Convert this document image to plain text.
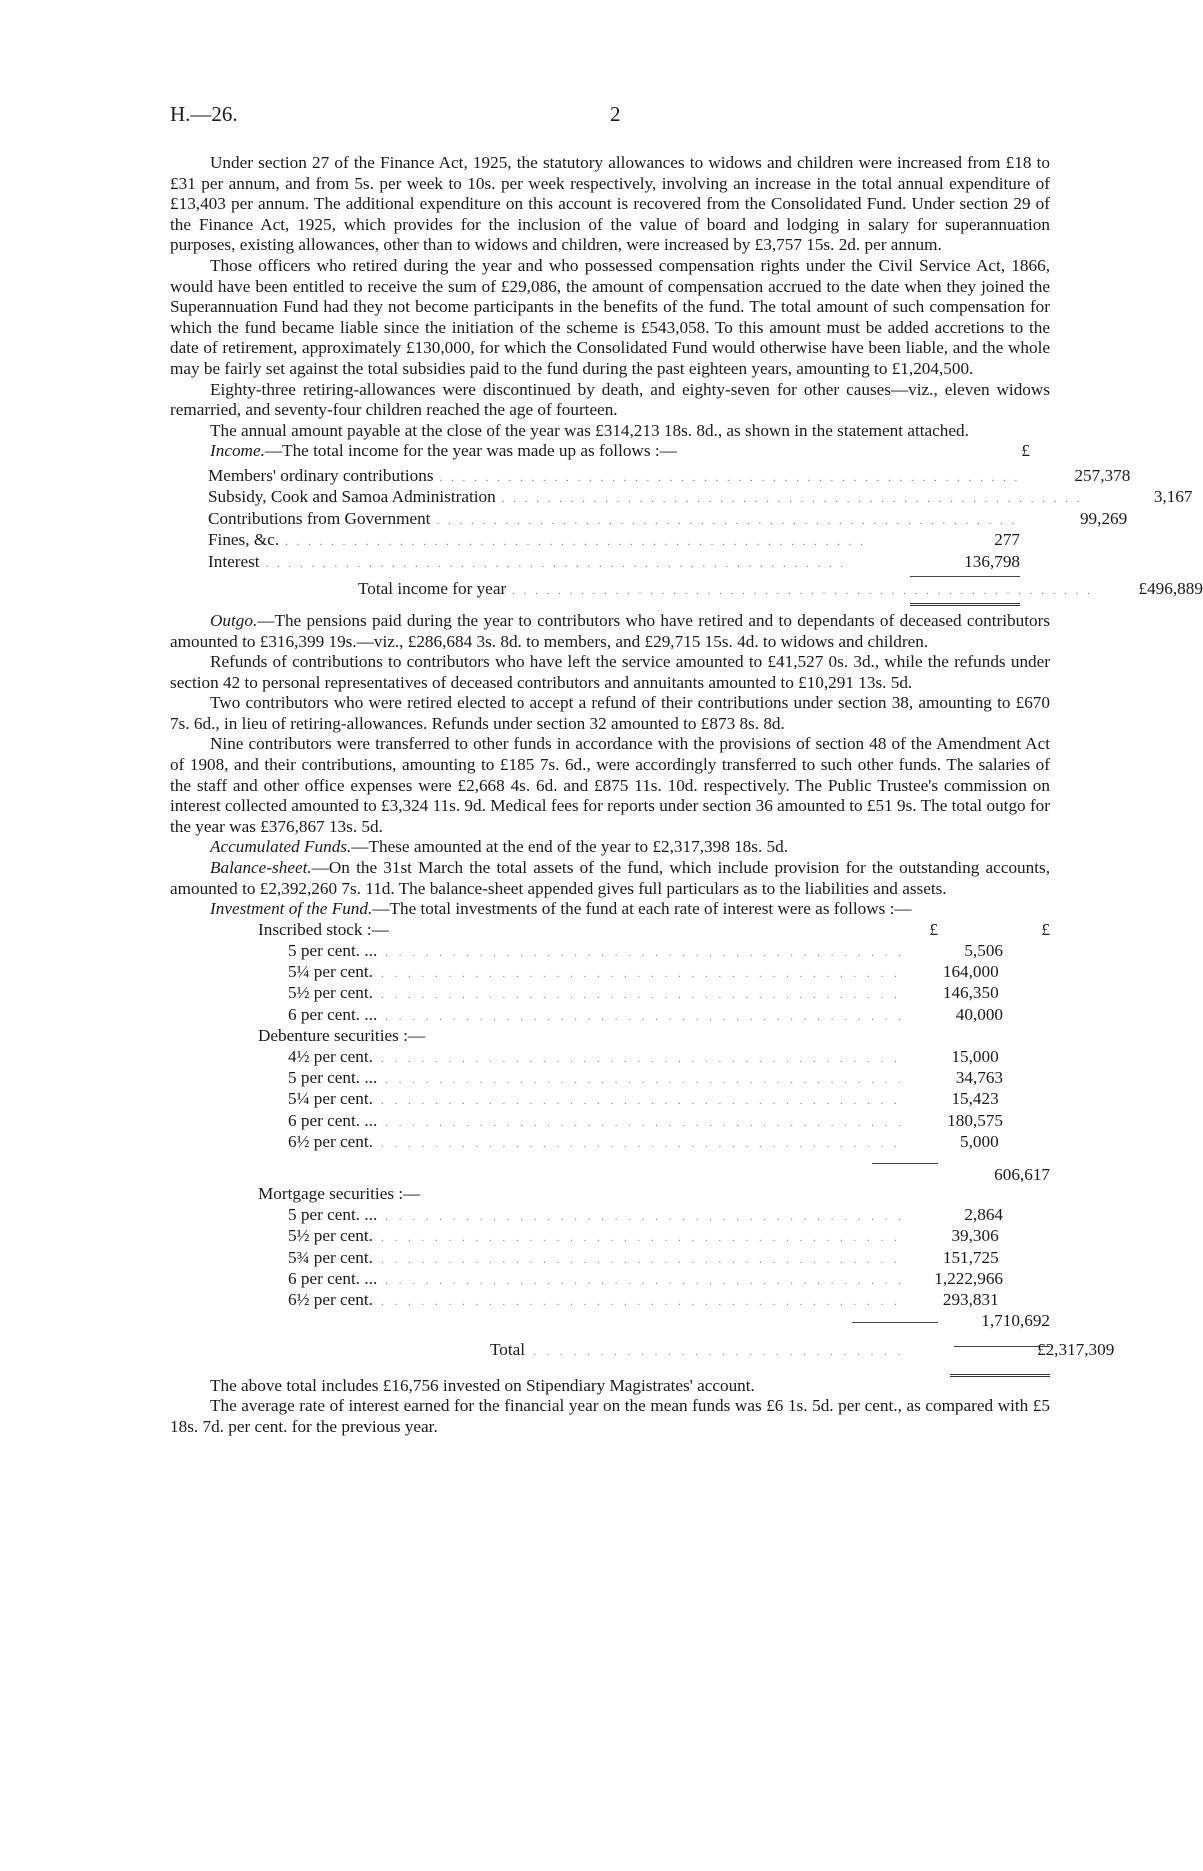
H.—26.	2

Under section 27 of the Finance Act, 1925, the statutory allowances to widows and children were increased from £18 to £31 per annum, and from 5s. per week to 10s. per week respectively, involving an increase in the total annual expenditure of £13,403 per annum. The additional expenditure on this account is recovered from the Consolidated Fund. Under section 29 of the Finance Act, 1925, which provides for the inclusion of the value of board and lodging in salary for superannuation purposes, existing allowances, other than to widows and children, were increased by £3,757 15s. 2d. per annum.

Those officers who retired during the year and who possessed compensation rights under the Civil Service Act, 1866, would have been entitled to receive the sum of £29,086, the amount of compensation accrued to the date when they joined the Superannuation Fund had they not become participants in the benefits of the fund. The total amount of such compensation for which the fund became liable since the initiation of the scheme is £543,058. To this amount must be added accretions to the date of retirement, approximately £130,000, for which the Consolidated Fund would otherwise have been liable, and the whole may be fairly set against the total subsidies paid to the fund during the past eighteen years, amounting to £1,204,500.

Eighty-three retiring-allowances were discontinued by death, and eighty-seven for other causes—viz., eleven widows remarried, and seventy-four children reached the age of fourteen.

The annual amount payable at the close of the year was £314,213 18s. 8d., as shown in the statement attached.

Income.—The total income for the year was made up as follows :—	£

Members' ordinary contributions . . . . . . . . . . . . . . . . . . . . . . . . . . . . . . . . . . . . . . . . . . . . . . . . . . .	257,378
Subsidy, Cook and Samoa Administration . . . . . . . . . . . . . . . . . . . . . . . . . . . . . . . . . . . . . . . . . . . . . . . . . . .	3,167
Contributions from Government . . . . . . . . . . . . . . . . . . . . . . . . . . . . . . . . . . . . . . . . . . . . . . . . . . .	99,269
Fines, &c. . . . . . . . . . . . . . . . . . . . . . . . . . . . . . . . . . . . . . . . . . . . . . . . . . . .	277
Interest . . . . . . . . . . . . . . . . . . . . . . . . . . . . . . . . . . . . . . . . . . . . . . . . . . .	136,798
Total income for year . . . . . . . . . . . . . . . . . . . . . . . . . . . . . . . . . . . . . . . . . . . . . . . . . . .	£496,889

Outgo.—The pensions paid during the year to contributors who have retired and to dependants of deceased contributors amounted to £316,399 19s.—viz., £286,684 3s. 8d. to members, and £29,715 15s. 4d. to widows and children.

Refunds of contributions to contributors who have left the service amounted to £41,527 0s. 3d., while the refunds under section 42 to personal representatives of deceased contributors and annuitants amounted to £10,291 13s. 5d.

Two contributors who were retired elected to accept a refund of their contributions under section 38, amounting to £670 7s. 6d., in lieu of retiring-allowances. Refunds under section 32 amounted to £873 8s. 8d.

Nine contributors were transferred to other funds in accordance with the provisions of section 48 of the Amendment Act of 1908, and their contributions, amounting to £185 7s. 6d., were accordingly transferred to such other funds. The salaries of the staff and other office expenses were £2,668 4s. 6d. and £875 11s. 10d. respectively. The Public Trustee's commission on interest collected amounted to £3,324 11s. 9d. Medical fees for reports under section 36 amounted to £51 9s. The total outgo for the year was £376,867 13s. 5d.

Accumulated Funds.—These amounted at the end of the year to £2,317,398 18s. 5d.

Balance-sheet.—On the 31st March the total assets of the fund, which include provision for the outstanding accounts, amounted to £2,392,260 7s. 11d. The balance-sheet appended gives full particulars as to the liabilities and assets.

Investment of the Fund.—The total investments of the fund at each rate of interest were as follows :—

Inscribed stock :—	£	£
5 per cent. ... . . . . . . . . . . . . . . . . . . . . . . . . . . . . . . . . . . . . . . .	5,506
5¼ per cent. . . . . . . . . . . . . . . . . . . . . . . . . . . . . . . . . . . . . . . .	164,000
5½ per cent. . . . . . . . . . . . . . . . . . . . . . . . . . . . . . . . . . . . . . . .	146,350
6 per cent. ... . . . . . . . . . . . . . . . . . . . . . . . . . . . . . . . . . . . . . . .	40,000
Debenture securities :—
4½ per cent. . . . . . . . . . . . . . . . . . . . . . . . . . . . . . . . . . . . . . . .	15,000
5 per cent. ... . . . . . . . . . . . . . . . . . . . . . . . . . . . . . . . . . . . . . . .	34,763
5¼ per cent. . . . . . . . . . . . . . . . . . . . . . . . . . . . . . . . . . . . . . . .	15,423
6 per cent. ... . . . . . . . . . . . . . . . . . . . . . . . . . . . . . . . . . . . . . . .	180,575
6½ per cent. . . . . . . . . . . . . . . . . . . . . . . . . . . . . . . . . . . . . . . .	5,000
606,617
Mortgage securities :—
5 per cent. ... . . . . . . . . . . . . . . . . . . . . . . . . . . . . . . . . . . . . . . .	2,864
5½ per cent. . . . . . . . . . . . . . . . . . . . . . . . . . . . . . . . . . . . . . . .	39,306
5¾ per cent. . . . . . . . . . . . . . . . . . . . . . . . . . . . . . . . . . . . . . . .	151,725
6 per cent. ... . . . . . . . . . . . . . . . . . . . . . . . . . . . . . . . . . . . . . . .	1,222,966
6½ per cent. . . . . . . . . . . . . . . . . . . . . . . . . . . . . . . . . . . . . . . .	293,831
1,710,692
Total . . . . . . . . . . . . . . . . . . . . . . . . . . . .	£2,317,309

The above total includes £16,756 invested on Stipendiary Magistrates' account.

The average rate of interest earned for the financial year on the mean funds was £6 1s. 5d. per cent., as compared with £5 18s. 7d. per cent. for the previous year.
